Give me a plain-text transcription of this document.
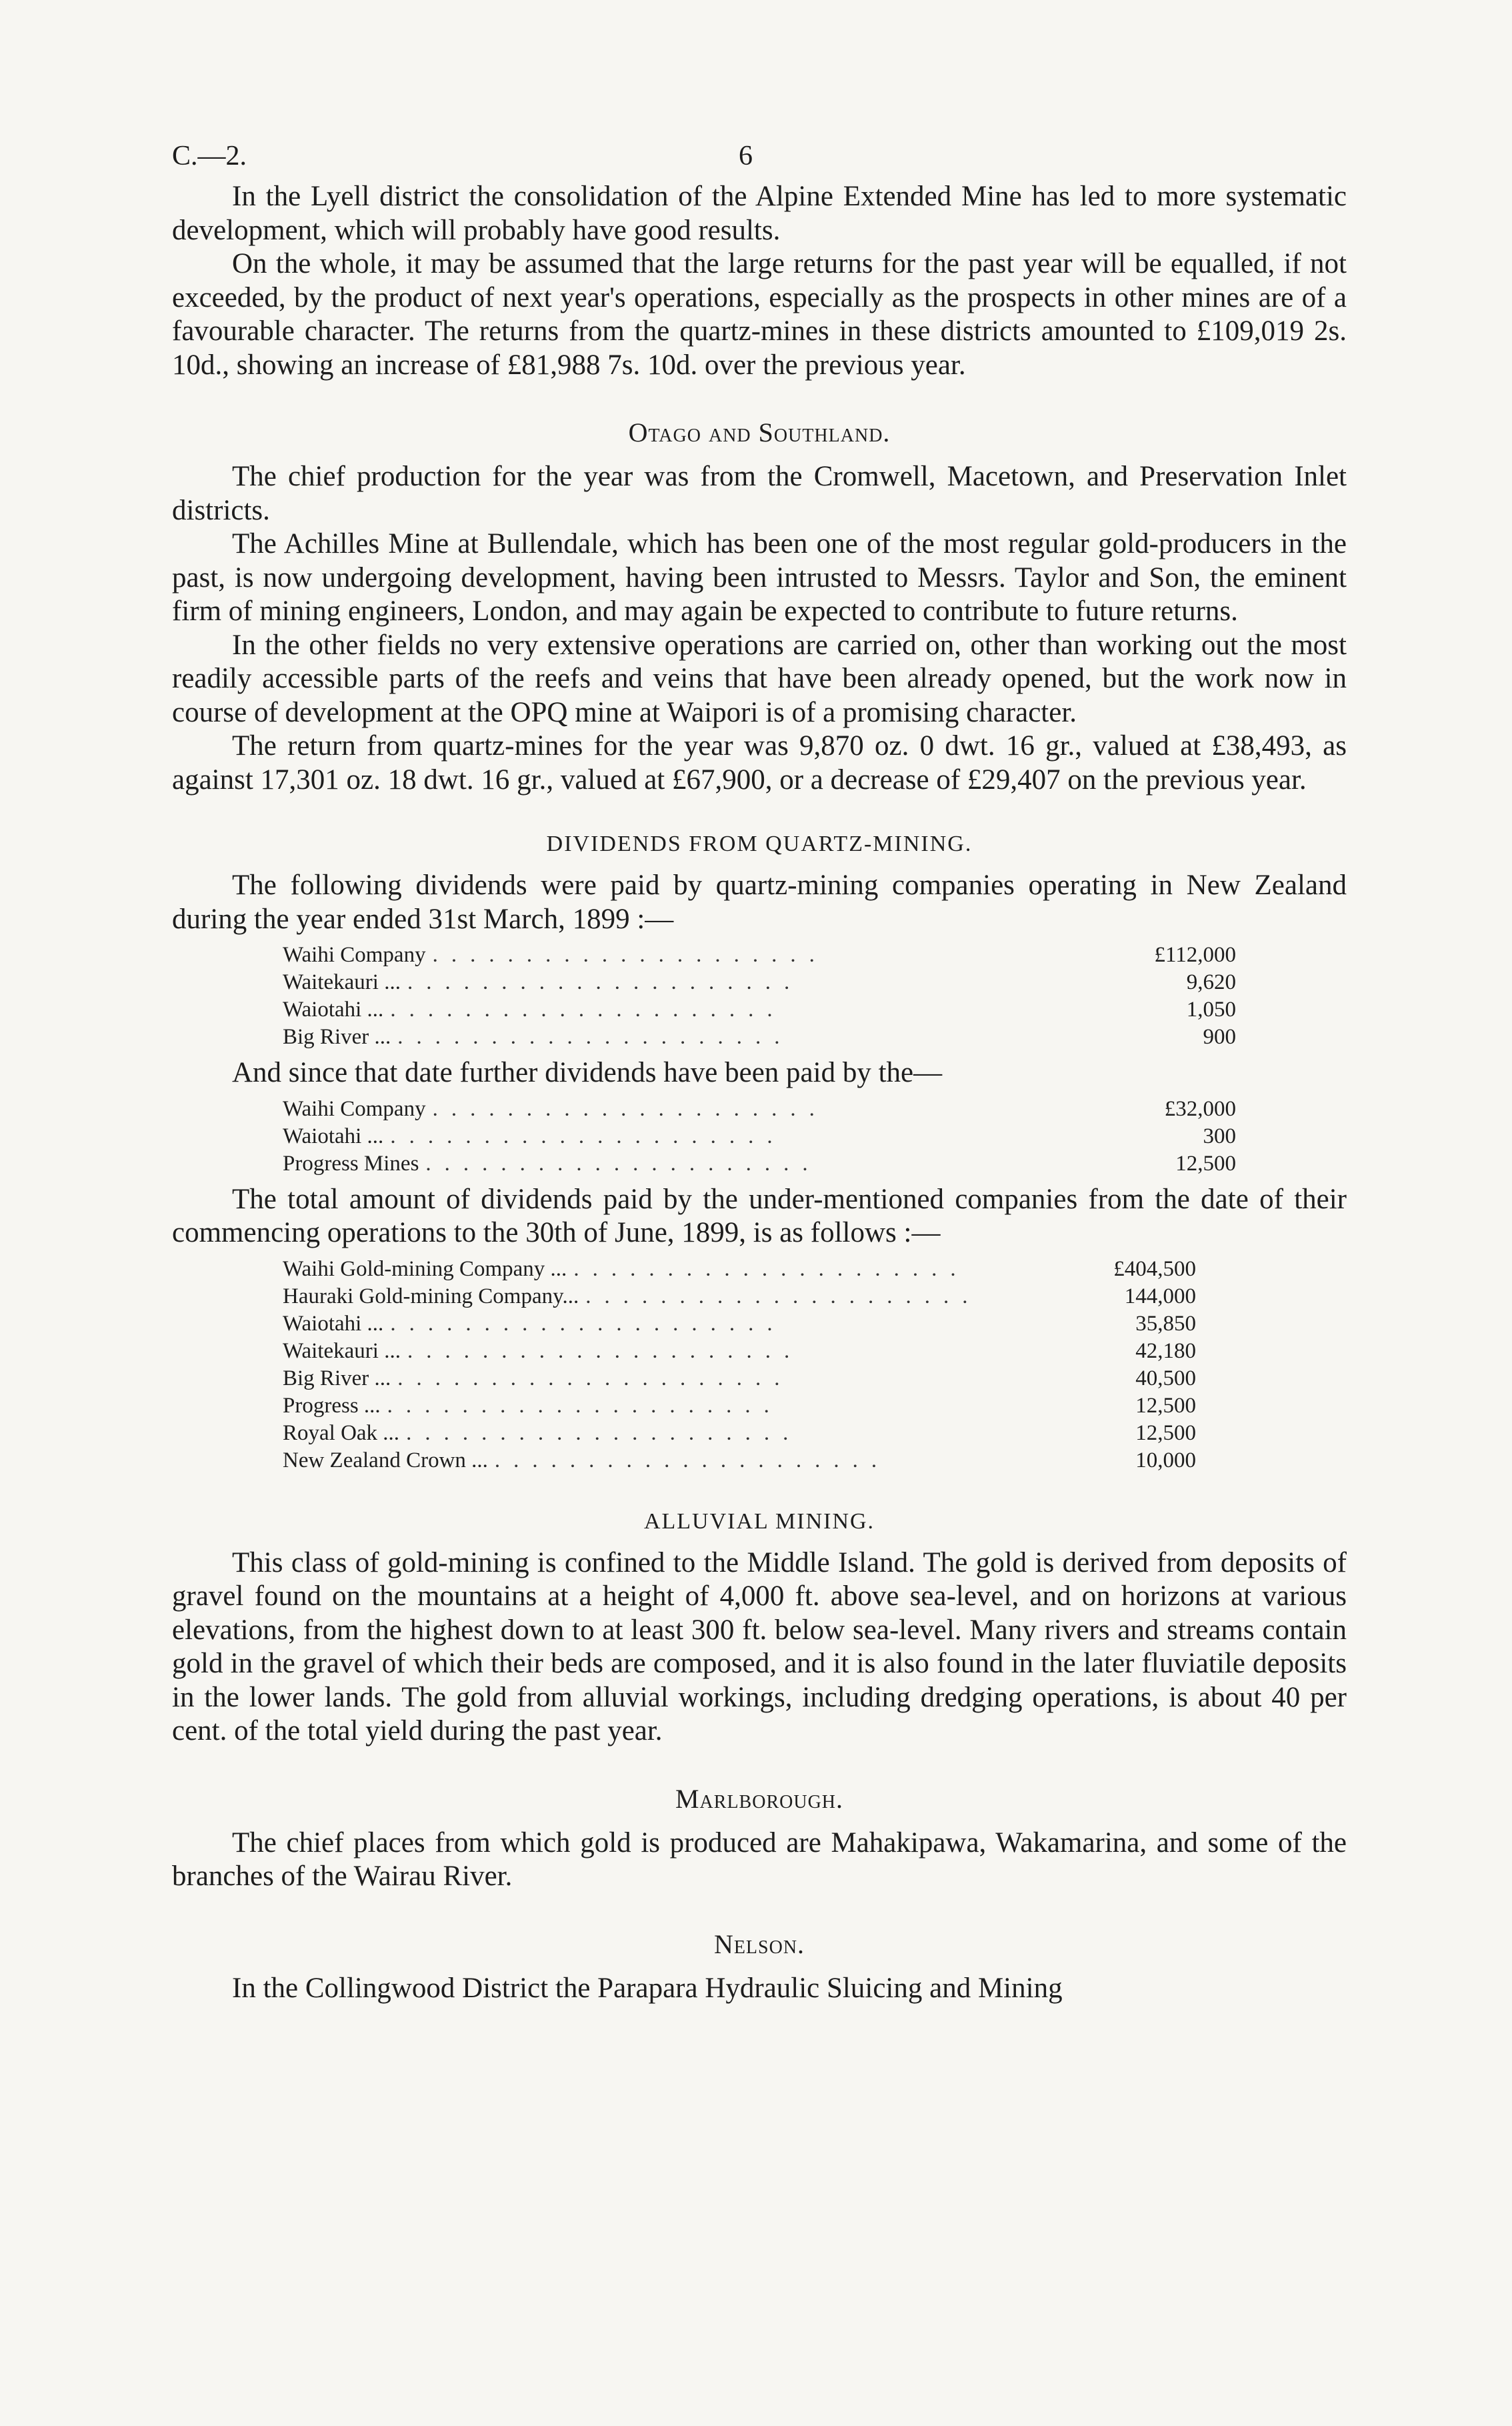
C.—2.	6

In the Lyell district the consolidation of the Alpine Extended Mine has led to more systematic development, which will probably have good results.

On the whole, it may be assumed that the large returns for the past year will be equalled, if not exceeded, by the product of next year's operations, especially as the prospects in other mines are of a favourable character. The returns from the quartz-mines in these districts amounted to £109,019 2s. 10d., showing an increase of £81,988 7s. 10d. over the previous year.

Otago and Southland.

The chief production for the year was from the Cromwell, Macetown, and Preservation Inlet districts.

The Achilles Mine at Bullendale, which has been one of the most regular gold-producers in the past, is now undergoing development, having been intrusted to Messrs. Taylor and Son, the eminent firm of mining engineers, London, and may again be expected to contribute to future returns.

In the other fields no very extensive operations are carried on, other than working out the most readily accessible parts of the reefs and veins that have been already opened, but the work now in course of development at the OPQ mine at Waipori is of a promising character.

The return from quartz-mines for the year was 9,870 oz. 0 dwt. 16 gr., valued at £38,493, as against 17,301 oz. 18 dwt. 16 gr., valued at £67,900, or a decrease of £29,407 on the previous year.

DIVIDENDS FROM QUARTZ-MINING.

The following dividends were paid by quartz-mining companies operating in New Zealand during the year ended 31st March, 1899 :—

Waihi Company .....................	£112,000
Waitekauri ... .....................	9,620
Waiotahi ... .....................	1,050
Big River ... .....................	900

And since that date further dividends have been paid by the—

Waihi Company .....................	£32,000
Waiotahi ... .....................	300
Progress Mines .....................	12,500

The total amount of dividends paid by the under-mentioned companies from the date of their commencing operations to the 30th of June, 1899, is as follows :—

Waihi Gold-mining Company ... .....................	£404,500
Hauraki Gold-mining Company... .....................	144,000
Waiotahi ... .....................	35,850
Waitekauri ... .....................	42,180
Big River ... .....................	40,500
Progress ... .....................	12,500
Royal Oak ... .....................	12,500
New Zealand Crown ... .....................	10,000
ALLUVIAL MINING.

This class of gold-mining is confined to the Middle Island. The gold is derived from deposits of gravel found on the mountains at a height of 4,000 ft. above sea-level, and on horizons at various elevations, from the highest down to at least 300 ft. below sea-level. Many rivers and streams contain gold in the gravel of which their beds are composed, and it is also found in the later fluviatile deposits in the lower lands. The gold from alluvial workings, including dredging operations, is about 40 per cent. of the total yield during the past year.

Marlborough.

The chief places from which gold is produced are Mahakipawa, Wakamarina, and some of the branches of the Wairau River.

Nelson.

In the Collingwood District the Parapara Hydraulic Sluicing and Mining
